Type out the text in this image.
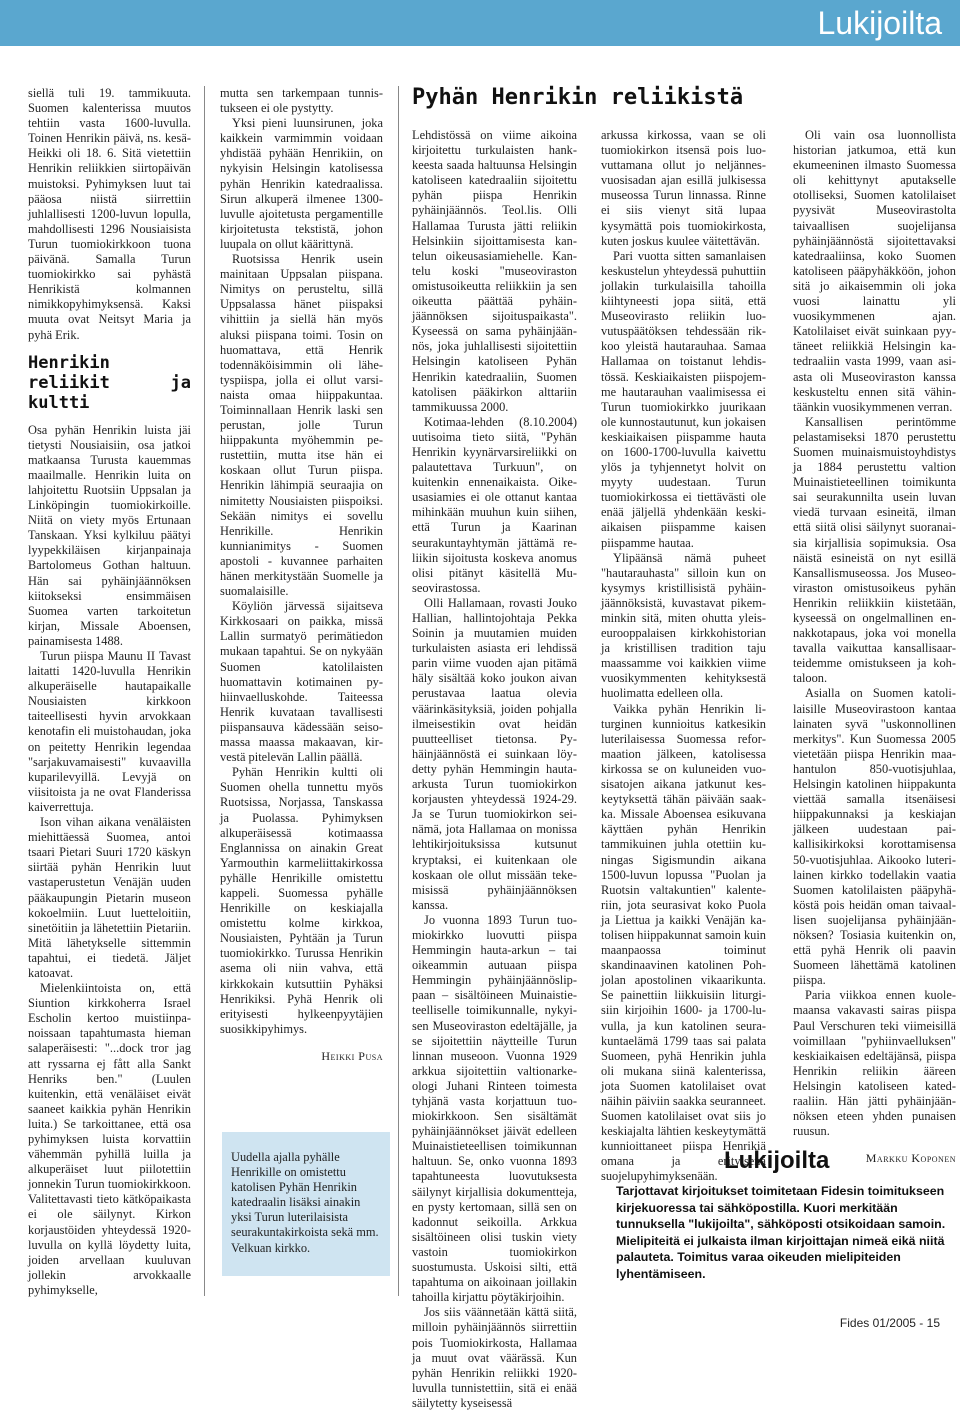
Lukijoilta

siellä tuli 19. tammikuuta. Suomen kalenterissa muutos tehtiin vasta 1600-luvulla. Toinen Henrikin päivä, ns. kesä-Heikki oli 18. 6. Sitä vietettiin Henrikin reliikkien siirtopäivän muistoksi. Pyhimyksen luut tai pääosa niistä siirrettiin juhlallisesti 1200-luvun lopulla, mahdollisesti 1296 Nousiaisista Turun tuomiokirkkoon tuona päivänä. Samalla Turun tuomiokirkko sai pyhästä Henrikistä kolmannen nimikkopyhimyksensä. Kaksi muuta ovat Neitsyt Maria ja pyhä Erik.

Henrikin reliikit ja kultti

Osa pyhän Henrikin luista jäi tietysti Nousiaisiin, osa jatkoi matkaansa Turusta kauemmas maailmalle. Henrikin luita on lahjoitettu Ruotsiin Uppsalan ja Linköpingin tuomiokirkoille. Niitä on viety myös Ertunaan Tanskaan. Yksi kylkiluu päätyi lyypekkiläisen kirjanpainaja Bartolomeus Gothan haltuun. Hän sai pyhäinjäännöksen kiitokseksi ensimmäisen Suomea varten tarkoitetun kirjan, Missale Aboensen, painamisesta 1488.

Turun piispa Maunu II Tavast laitatti 1420-luvulla Henrikin alkuperäiselle hautapaikalle Nousiaisten kirkkoon taiteellisesti hyvin arvokkaan kenotafin eli muistohaudan, joka on peitetty Henrikin legendaa "sarjakuvamaisesti" kuvaavilla kuparilevyillä. Levyjä on viisitoista ja ne ovat Flanderissa kaiverrettuja.

Ison vihan aikana venäläisten miehittäessä Suomea, antoi tsaari Pietari Suuri 1720 käskyn siirtää pyhän Henrikin luut vastaperustetun Venäjän uuden pääkaupungin Pietarin museon kokoelmiin. Luut luetteloitiin, sinetöitiin ja lähetettiin Pietariin. Mitä lähetykselle sittemmin tapahtui, ei tiedetä. Jäljet katoavat.

Mielenkiintoista on, että Siuntion kirkkoherra Israel Escholin kertoo muistiinpanoissaan tapahtumasta hieman salaperäisesti: "...dock tror jag att ryssarna ej fått alla Sankt Henriks ben." (Luulen kuitenkin, että venäläiset eivät saaneet kaikkia pyhän Henrikin luita.) Se tarkoittanee, että osa pyhimyksen luista korvattiin vähemmän pyhillä luilla ja alkuperäiset luut piilotettiin jonnekin Turun tuomiokirkkoon. Valitettavasti tieto kätköpaikasta ei ole säilynyt. Kirkon korjaustöiden yhteydessä 1920-luvulla on kyllä löydetty luita, joiden arvellaan kuuluvan jollekin arvokkaalle pyhimykselle,

mutta sen tarkempaan tunnistukseen ei ole pystytty.

Yksi pieni luunsirunen, joka kaikkein varmimmin voidaan yhdistää pyhään Henrikiin, on nykyisin Helsingin katolisessa pyhän Henrikin katedraalissa. Sirun alkuperä ilmenee 1300-luvulle ajoitetusta pergamentille kirjoitetusta tekstistä, johon luupala on ollut käärittynä.

Ruotsissa Henrik usein mainitaan Uppsalan piispana. Nimitys on perusteltu, sillä Uppsalassa hänet piispaksi vihittiin ja siellä hän myös aluksi piispana toimi. Tosin on huomattava, että Henrik todennäköisimmin oli lähetyspiispa, jolla ei ollut varsinaista omaa hiippakuntaa. Toiminnallaan Henrik laski sen perustan, jolle Turun hiippakunta myöhemmin perustettiin, mutta itse hän ei koskaan ollut Turun piispa. Henrikin lähimpiä seuraajia on nimitetty Nousiaisten piispoiksi. Sekään nimitys ei sovellu Henrikille. Henrikin kunnianimitys - Suomen apostoli - kuvannee parhaiten hänen merkitystään Suomelle ja suomalaisille.

Köyliön järvessä sijaitseva Kirkkosaari on paikka, missä Lallin surmatyö perimätiedon mukaan tapahtui. Se on nykyään Suomen katolilaisten huomattavin kotimainen pyhiinvaelluskohde. Taiteessa Henrik kuvataan tavallisesti piispansauva kädessään seisomassa maassa makaavan, kirvestä pitelevän Lallin päällä.

Pyhän Henrikin kultti oli Suomen ohella tunnettu myös Ruotsissa, Norjassa, Tanskassa ja Puolassa. Pyhimyksen alkuperäisessä kotimaassa Englannissa on ainakin Great Yarmouthin karmeliittakirkossa pyhälle Henrikille omistettu kappeli. Suomessa pyhälle Henrikille on keskiajalla omistettu kolme kirkkoa, Nousiaisten, Pyhtään ja Turun tuomiokirkko. Turussa Henrikin asema oli niin vahva, että kirkkokain kutsuttiin Pyhäksi Henrikiksi. Pyhä Henrik oli erityisesti hylkeenpyytäjien suosikkipyhimys.

Heikki Pusa
Uudella ajalla pyhälle Henrikille on omistettu katolisen Pyhän Henrikin katedraalin lisäksi ainakin yksi Turun luterilaisista seurakuntakirkoista sekä mm. Velkuan kirkko.
Pyhän Henrikin reliikistä

Lehdistössä on viime aikoina kirjoitettu turkulaisten hankkeesta saada haltuunsa Helsingin katoliseen katedraaliin sijoitettu pyhän piispa Henrikin pyhäinjäännös. Teol.lis. Olli Hallamaa Turusta jätti reliikin Helsinkiin sijoittamisesta kantelun oikeusasiamiehelle. Kantelu koski "museoviraston omistusoikeutta reliikkiin ja sen oikeutta päättää pyhäinjäännöksen sijoituspaikasta". Kyseessä on sama pyhäinjäännös, joka juhlallisesti sijoitettiin Helsingin katoliseen Pyhän Henrikin katedraaliin, Suomen katolisen pääkirkon alttariin tammikuussa 2000.

Kotimaa-lehden (8.10.2004) uutisoima tieto siitä, "Pyhän Henrikin kyynärvarsireliikki on palautettava Turkuun", on kuitenkin ennenaikaista. Oikeusasiamies ei ole ottanut kantaa mihinkään muuhun kuin siihen, että Turun ja Kaarinan seurakuntayhtymän jättämä reliikin sijoitusta koskeva anomus olisi pitänyt käsitellä Museovirastossa.

Olli Hallamaan, rovasti Jouko Hallian, hallintojohtaja Pekka Soinin ja muutamien muiden turkulaisten asiasta eri lehdissä parin viime vuoden ajan pitämä häly sisältää koko joukon aivan perustavaa laatua olevia väärinkäsityksiä, joiden pohjalla ilmeisestikin ovat heidän puutteelliset tietonsa. Pyhäinjäännöstä ei suinkaan löydetty pyhän Hemmingin hautaarkusta Turun tuomiokirkon korjausten yhteydessä 1924-29. Ja se Turun tuomiokirkon seinämä, jota Hallamaa on monissa lehtikirjoituksissa kutsunut kryptaksi, ei kuitenkaan ole koskaan ole ollut missään tekemisissä pyhäinjäännöksen kanssa.

Jo vuonna 1893 Turun tuomiokirkko luovutti piispa Hemmingin hauta-arkun – tai oikeammin autuaan piispa Hemmingin pyhäinjäännöslippaan – sisältöineen Muinaistieteelliselle toimikunnalle, nykyisen Museoviraston edeltäjälle, ja se sijoitettiin näytteille Turun linnan museoon. Vuonna 1929 arkkua sijoitettiin valtionarkeologi Juhani Rinteen toimesta tyhjänä vasta korjattuun tuomiokirkkoon. Sen sisältämät pyhäinjäännökset jäivät edelleen Muinaistieteellisen toimikunnan haltuun. Se, onko vuonna 1893 tapahtuneesta luovutuksesta säilynyt kirjallisia dokumentteja, en pysty kertomaan, sillä sen on kadonnut seikoilla. Arkkua sisältöineen olisi tuskin viety vastoin tuomiokirkon suostumusta. Uskoisi silti, että tapahtuma on aikoinaan joillakin tahoilla kirjattu pöytäkirjoihin.

Jos siis väännetään kättä siitä, milloin pyhäinjäännös siirrettiin pois Tuomiokirkosta, Hallamaa ja muut ovat väärässä. Kun pyhän Henrikin reliikki 1920-luvulla tunnistettiin, sitä ei enää säilytetty kyseisessä

arkussa kirkossa, vaan se oli tuomiokirkon itsensä pois luovuttamana ollut jo neljännesvuosisadan ajan esillä julkisessa museossa Turun linnassa. Rinne ei siis vienyt sitä lupaa kysymättä pois tuomiokirkosta, kuten joskus kuulee väitettävän.

Pari vuotta sitten samanlaisen keskustelun yhteydessä puhuttiin jollakin turkulaisilla tahoilla kiihtyneesti jopa siitä, että Museovirasto reliikin luovutuspäätöksen tehdessään rikkoo yleistä hautarauhaa. Samaa Hallamaa on toistanut lehdistössä. Keskiaikaisten piispojemme hautarauhan vaalimisessa ei Turun tuomiokirkko juurikaan ole kunnostautunut, kun jokaisen keskiaikaisen piispamme hauta on 1600-1700-luvulla kaivettu ylös ja tyhjennetyt holvit on myyty uudestaan. Turun tuomiokirkossa ei tiettävästi ole enää jäljellä yhdenkään keskiaikaisen piispamme kaisen piispamme hautaa.

Ylipäänsä nämä puheet "hautarauhasta" silloin kun on kysymys kristillisistä pyhäinjäännöksistä, kuvastavat pikemminkin sitä, miten ohutta yleiseurooppalaisen kirkkohistorian ja kristillisen tradition taju maassamme voi kaikkien viime vuosikymmenten kehityksestä huolimatta edelleen olla.

Vaikka pyhän Henrikin liturginen kunnioitus katkesikin luterilaisessa Suomessa reformaation jälkeen, katolisessa kirkossa se on kuluneiden vuosisatojen aikana jatkunut keskeytyksettä tähän päivään saakka. Missale Aboensea esikuvana käyttäen pyhän Henrikin tammikuinen juhla otettiin kuningas Sigismundin aikana 1500-luvun lopussa "Puolan ja Ruotsin valtakuntien" kalenteriin, jota seurasivat koko Puola ja Liettua ja kaikki Venäjän katolisen hiippakunnat samoin kuin maanpaossa toiminut skandinaavinen katolinen Pohjolan apostolinen vikaarikunta. Se painettiin liikkuisiin liturgisiin kirjoihin 1600- ja 1700-luvulla, ja kun katolinen seurakuntaelämä 1799 taas sai palata Suomeen, pyhä Henrikin juhla oli mukana siinä kalenterissa, jota Suomen katolilaiset ovat näihin päiviin saakka seuranneet. Suomen katolilaiset ovat siis jo keskiajalta lähtien keskeytymättä kunnioittaneet piispa Henrikiä omana ja erityisenä suojelupyhimyksenään.

Oli vain osa luonnollista historian jatkumoa, että kun ekumeeninen ilmasto Suomessa oli kehittynyt aputakselle otolliseksi, Suomen katolilaiset pyysivät Museovirastolta taivaallisen suojelijansa pyhäinjäännöstä sijoitettavaksi katedraaliinsa, koko Suomen katoliseen pääpyhäkköön, johon sitä jo aikaisemmin oli joka vuosi lainattu yli vuosikymmenen ajan. Katolilaiset eivät suinkaan pyytäneet reliikkiä Helsingin katedraaliin vasta 1999, vaan asiasta oli Museoviraston kanssa keskusteltu ennen sitä vähintäänkin vuosikymmenen verran.

Kansallisen perintömme pelastamiseksi 1870 perustettu Suomen muinaismuistoyhdistys ja 1884 perustettu valtion Muinaistieteellinen toimikunta sai seurakunnilta usein luvan viedä turvaan esineitä, ilman että siitä olisi säilynyt suoranaisia kirjallisia sopimuksia. Osa näistä esineistä on nyt esillä Kansallismuseossa. Jos Museoviraston omistusoikeus pyhän Henrikin reliikkiin kiistetään, kyseessä on ongelmallinen ennakkotapaus, joka voi monella tavalla vaikuttaa kansallisaarteidemme omistukseen ja kohtaloon.

Asialla on Suomen katolilaisille Museovirastoon kantaa lainaten syvä "uskonnollinen merkitys". Kun Suomessa 2005 vietetään piispa Henrikin maahantulon 850-vuotisjuhlaa, Helsingin katolinen hiippakunta viettää samalla itsenäisesi hiippakunnaksi ja keskiajan jälkeen uudestaan paikallisikirkoksi korottamisensa 50-vuotisjuhlaa. Aikooko luterilainen kirkko todellakin vaatia Suomen katolilaisten pääpyhäköstä pois heidän oman taivaallisen suojelijansa pyhäinjäännöksen? Tosiasia kuitenkin on, että pyhä Henrik oli paavin Suomeen lähettämä katolinen piispa.

Paria viikkoa ennen kuolemaansa vakavasti sairas piispa Paul Verschuren teki viimeisillä voimillaan "pyhiinvaelluksen" keskiaikaisen edeltäjänsä, piispa Henrikin reliikin ääreen Helsingin katoliseen katedraaliin. Hän jätti pyhäinjäännöksen eteen yhden punaisen ruusun.

Markku Koponen
Lukijoilta
Tarjottavat kirjoitukset toimitetaan Fidesin toimitukseen kirjekuoressa tai sähköpostilla. Kuori merkitään tunnuksella "lukijoilta", sähköposti otsikoidaan samoin. Mielipiteitä ei julkaista ilman kirjoittajan nimeä eikä niitä palauteta. Toimitus varaa oikeuden mielipiteiden lyhentämiseen.
Fides 01/2005 - 15
